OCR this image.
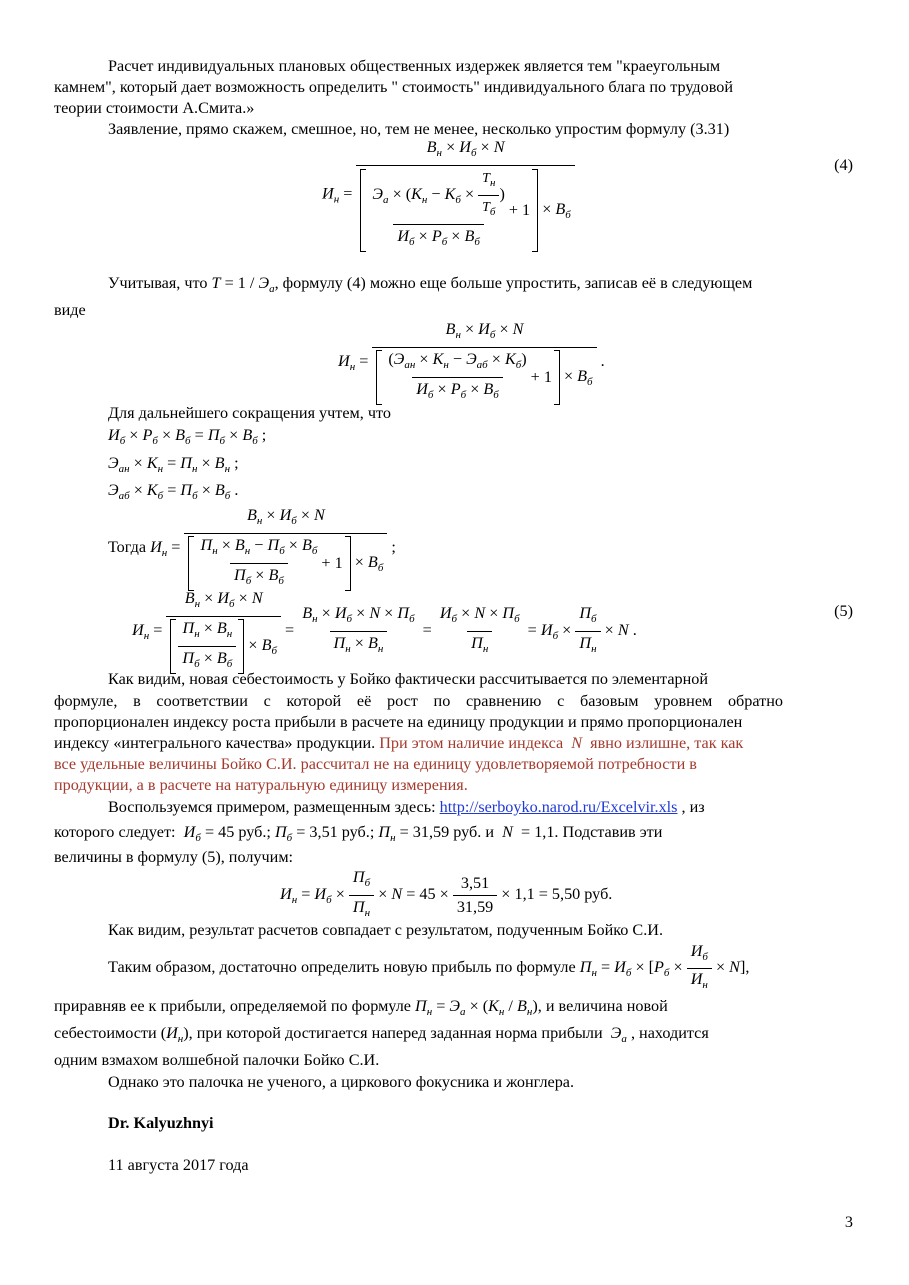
Расчет индивидуальных плановых общественных издержек является тем "краеугольным
камнем", который дает возможность определить " стоимость" индивидуального блага по трудовой
теории стоимости А.Смита.»
Заявление, прямо скажем, смешное, но, тем не менее, несколько упростим формулу (3.31)
$И_н$ =
$В_н \times И_б \times N$
$\frac{Э_а \times (К_н - К_б \times \frac{Т_н}{Т_б} )}{И_б \times Р_б \times В_б} + 1 \times В_б$
(4)
Учитывая, что $Т = 1 / Э_а$, формулу (4) можно еще больше упростить, записав её в следующем
виде
$И_н$ =
$В_н \times И_б \times N$
$\frac{(Э_{ан} \times К_н - Э_{аб} \times К_б)}{И_б \times Р_б \times В_б} + 1 \times В_б$
.
Для дальнейшего сокращения учтем, что
$И_б \times Р_б \times В_б = П_б \times В_б$ ;
$Э_{ан} \times К_н = П_н \times В_н$ ;
$Э_{аб} \times К_б = П_б \times В_б$ .
Тогда $И_н$ =
$В_н \times И_б \times N$
$\frac{П_н \times В_н - П_б \times В_б}{П_б \times В_б} + 1 \times В_б$
;
$И_н = \frac{В_н \times И_б \times N}{\frac{П_н \times В_н}{П_б \times В_б} \times В_б} = \frac{В_н \times И_б \times N \times П_б}{П_н \times В_н} = \frac{И_б \times N \times П_б}{П_н} = И_б \times \frac{П_б}{П_н} \times N$ .
(5)
Как видим, новая себестоимость у Бойко фактически рассчитывается по элементарной
формуле, в соответствии с которой её рост по сравнению с базовым уровнем обратно
пропорционален индексу роста прибыли в расчете на единицу продукции и прямо пропорционален
индексу «интегрального качества» продукции. При этом наличие индекса  N  явно излишне, так как
все удельные величины Бойко С.И. рассчитал не на единицу удовлетворяемой потребности в
продукции, а в расчете на натуральную единицу измерения.
Воспользуемся примером, размещенным здесь: http://serboyko.narod.ru/Excelvir.xls , из
которого следует:  $И_б = 45$ руб.; $П_б = 3,51$ руб.; $П_н = 31,59$ руб. и  N  = 1,1. Подставив эти
величины в формулу (5), получим:
$И_н = И_б \times \frac{П_б}{П_н} \times N = 45 \times \frac{3,51}{31,59} \times 1,1 = 5,50$ руб.
Как видим, результат расчетов совпадает с результатом, подученным Бойко С.И.
Таким образом, достаточно определить новую прибыль по формуле $П_н = И_б \times [Р_б \times \frac{И_б}{И_н} \times N]$,
приравняв ее к прибыли, определяемой по формуле $П_н = Э_а \times (К_н / В_н)$, и величина новой
себестоимости $(И_н)$, при которой достигается наперед заданная норма прибыли  $Э_а$ , находится
одним взмахом волшебной палочки Бойко С.И.
Однако это палочка не ученого, а циркового фокусника и жонглера.
Dr. Kalyuzhnyi
11 августа 2017 года
3
